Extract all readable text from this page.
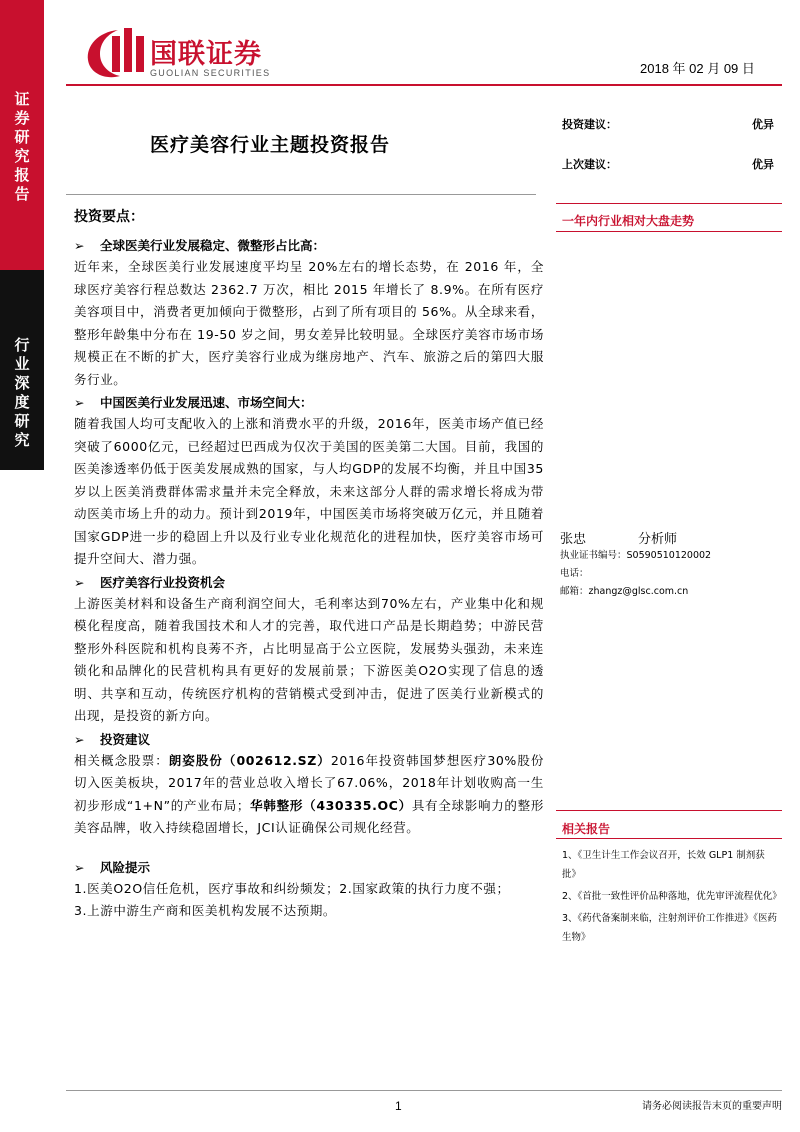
证
券
研
究
报
告
行
业
深
度
研
究
国联证券
GUOLIAN SECURITIES	2018 年 02 月 09 日
医疗美容行业主题投资报告
投资建议：	优异
上次建议：	优异
一年内行业相对大盘走势
投资要点：
➢ 全球医美行业发展稳定、微整形占比高：
近年来，全球医美行业发展速度平均呈 20%左右的增长态势，在 2016 年，全球医疗美容行程总数达 2362.7 万次，相比 2015 年增长了 8.9%。在所有医疗美容项目中，消费者更加倾向于微整形，占到了所有项目的 56%。从全球来看，整形年龄集中分布在 19-50 岁之间，男女差异比较明显。全球医疗美容市场市场规模正在不断的扩大，医疗美容行业成为继房地产、汽车、旅游之后的第四大服务行业。
➢ 中国医美行业发展迅速、市场空间大：
随着我国人均可支配收入的上涨和消费水平的升级，2016年，医美市场产值已经突破了6000亿元，已经超过巴西成为仅次于美国的医美第二大国。目前，我国的医美渗透率仍低于医美发展成熟的国家，与人均GDP的发展不均衡，并且中国35岁以上医美消费群体需求量并未完全释放，未来这部分人群的需求增长将成为带动医美市场上升的动力。预计到2019年，中国医美市场将突破万亿元，并且随着国家GDP进一步的稳固上升以及行业专业化规范化的进程加快，医疗美容市场可提升空间大、潜力强。
➢ 医疗美容行业投资机会
上游医美材料和设备生产商利润空间大，毛利率达到70%左右，产业集中化和规模化程度高，随着我国技术和人才的完善，取代进口产品是长期趋势；中游民营整形外科医院和机构良莠不齐，占比明显高于公立医院，发展势头强劲，未来连锁化和品牌化的民营机构具有更好的发展前景；下游医美O2O实现了信息的透明、共享和互动，传统医疗机构的营销模式受到冲击，促进了医美行业新模式的出现，是投资的新方向。
➢ 投资建议
相关概念股票：朗姿股份（002612.SZ）2016年投资韩国梦想医疗30%股份切入医美板块，2017年的营业总收入增长了67.06%，2018年计划收购高一生初步形成“1+N”的产业布局；华韩整形（430335.OC）具有全球影响力的整形美容品牌，收入持续稳固增长，JCI认证确保公司规化经营。
➢ 风险提示
1.医美O2O信任危机，医疗事故和纠纷频发；2.国家政策的执行力度不强；
3.上游中游生产商和医美机构发展不达预期。
张忠	分析师
执业证书编号：S0590510120002
电话：
邮箱：zhangz@glsc.com.cn
相关报告
1、《卫生计生工作会议召开，长效 GLP1 制剂获批》
2、《首批一致性评价品种落地，优先审评流程优化》
3、《药代备案制来临，注射剂评价工作推进》《医药生物》
1	请务必阅读报告末页的重要声明
